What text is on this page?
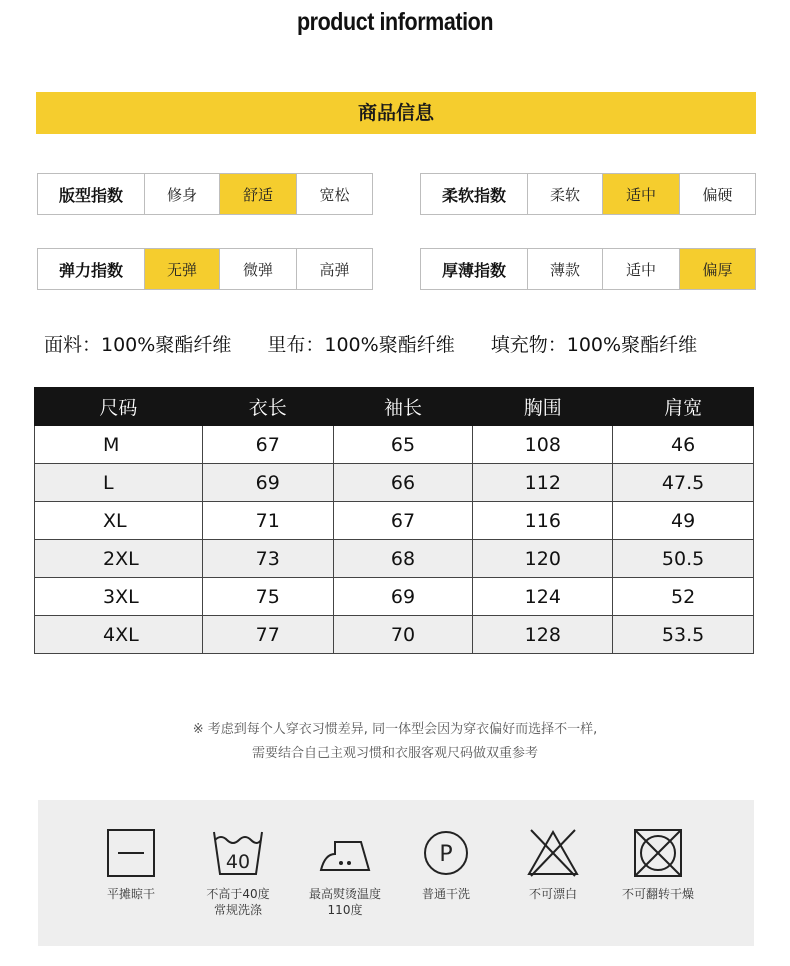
product information
商品信息
版型指数	修身	舒适	宽松	柔软指数	柔软	适中	偏硬
弹力指数	无弹	微弹	高弹	厚薄指数	薄款	适中	偏厚
面料：100%聚酯纤维 里布：100%聚酯纤维 填充物：100%聚酯纤维
尺码	衣长	袖长	胸围	肩宽
M	67	65	108	46
L	69	66	112	47.5
XL	71	67	116	49
2XL	73	68	120	50.5
3XL	75	69	124	52
4XL	77	70	128	53.5
※ 考虑到每个人穿衣习惯差异, 同一体型会因为穿衣偏好而选择不一样,
需要结合自己主观习惯和衣服客观尺码做双重参考
平摊晾干
40
不高于40度
常规洗涤
最高熨烫温度
110度
P
普通干洗	不可漂白	不可翻转干燥
